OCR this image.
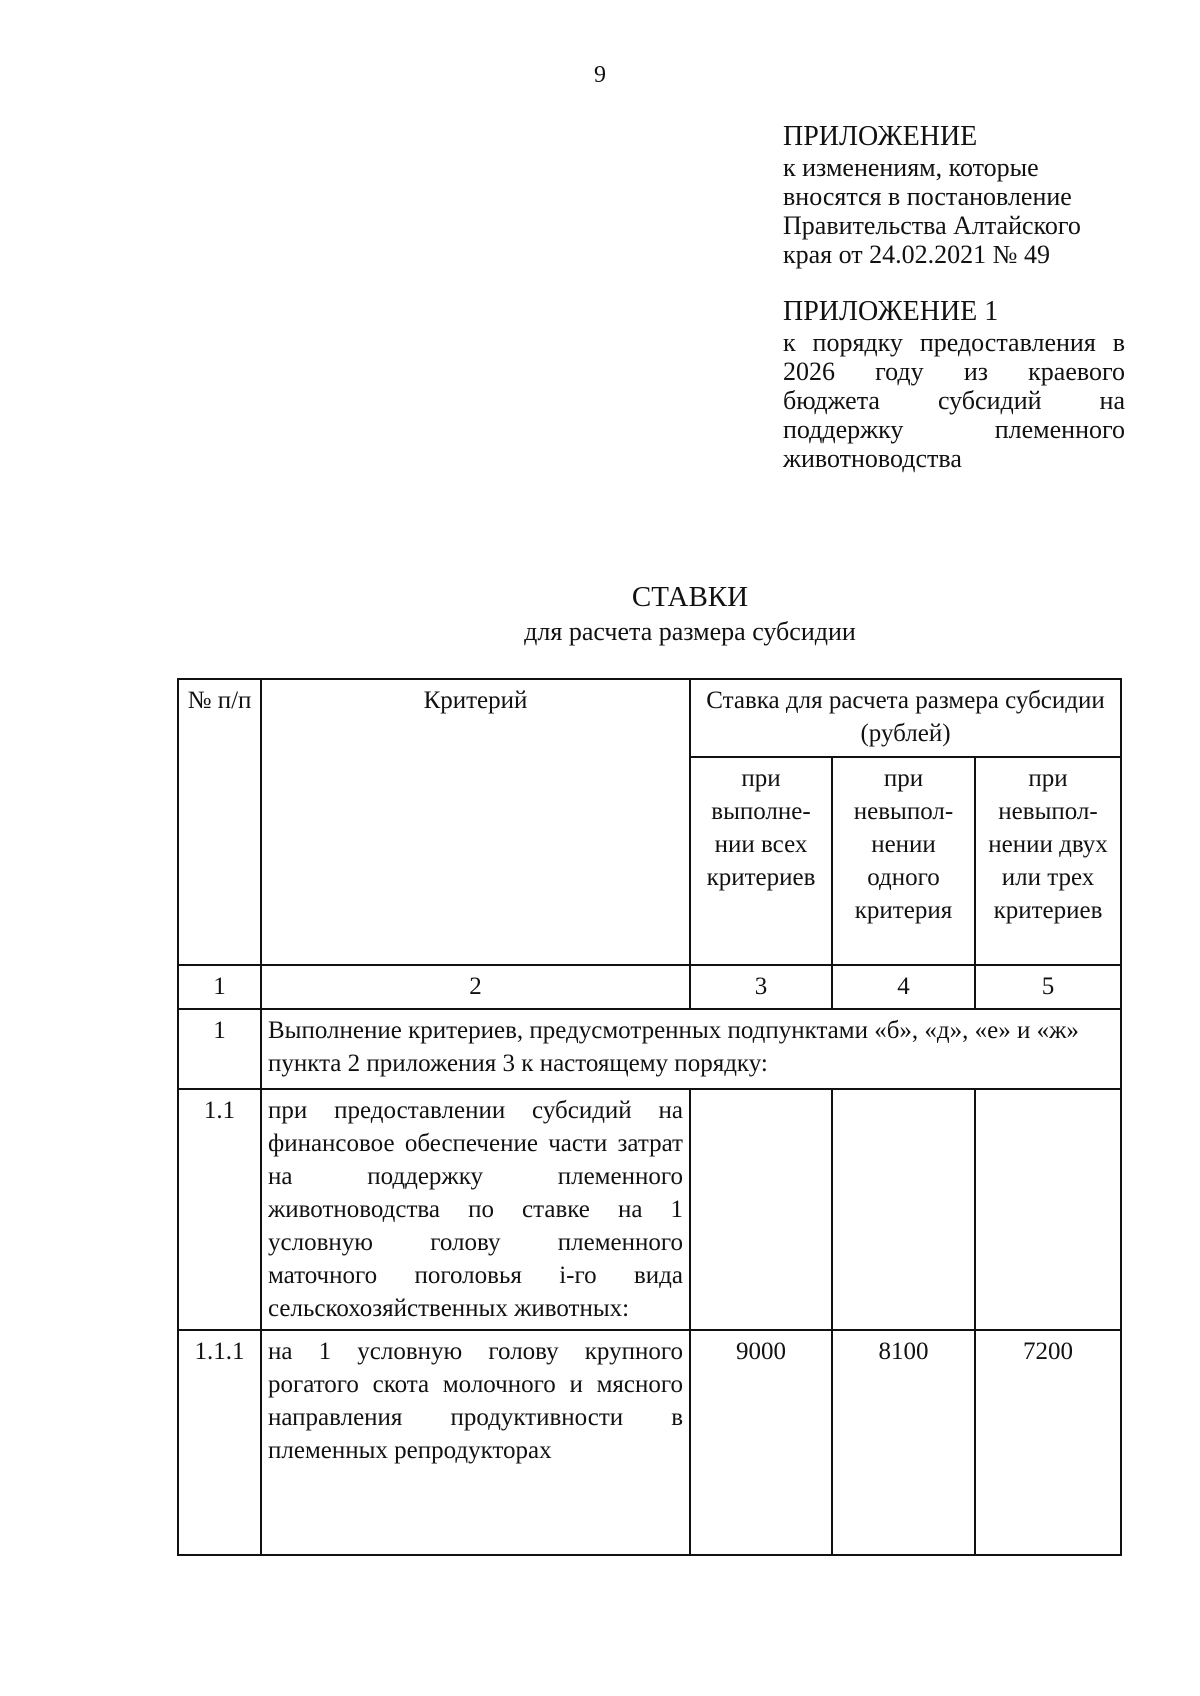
9
ПРИЛОЖЕНИЕ
к изменениям, которые
вносятся в постановление
Правительства Алтайского
края от 24.02.2021 № 49
ПРИЛОЖЕНИЕ 1
к порядку предоставления в
2026 году из краевого
бюджета субсидий на
поддержку племенного
животноводства
СТАВКИ
для расчета размера субсидии
№ п/п	Критерий	Ставка для расчета размера субсидии (рублей)		
		при выполне-нии всех критериев	при невыпол-нении одного критерия	при невыпол-нении двух или трех критериев
1	2	3	4	5
1	Выполнение критериев, предусмотренных подпунктами «б», «д», «е» и «ж» пункта 2 приложения 3 к настоящему порядку:			
1.1	при предоставлении субсидий на финансовое обеспечение части затрат на поддержку племенного животноводства по ставке на 1 условную голову племенного маточного поголовья i-го вида сельскохозяйственных животных:			
1.1.1	на 1 условную голову крупного рогатого скота молочного и мясного направления продуктивности в племенных репродукторах	9000	8100	7200
